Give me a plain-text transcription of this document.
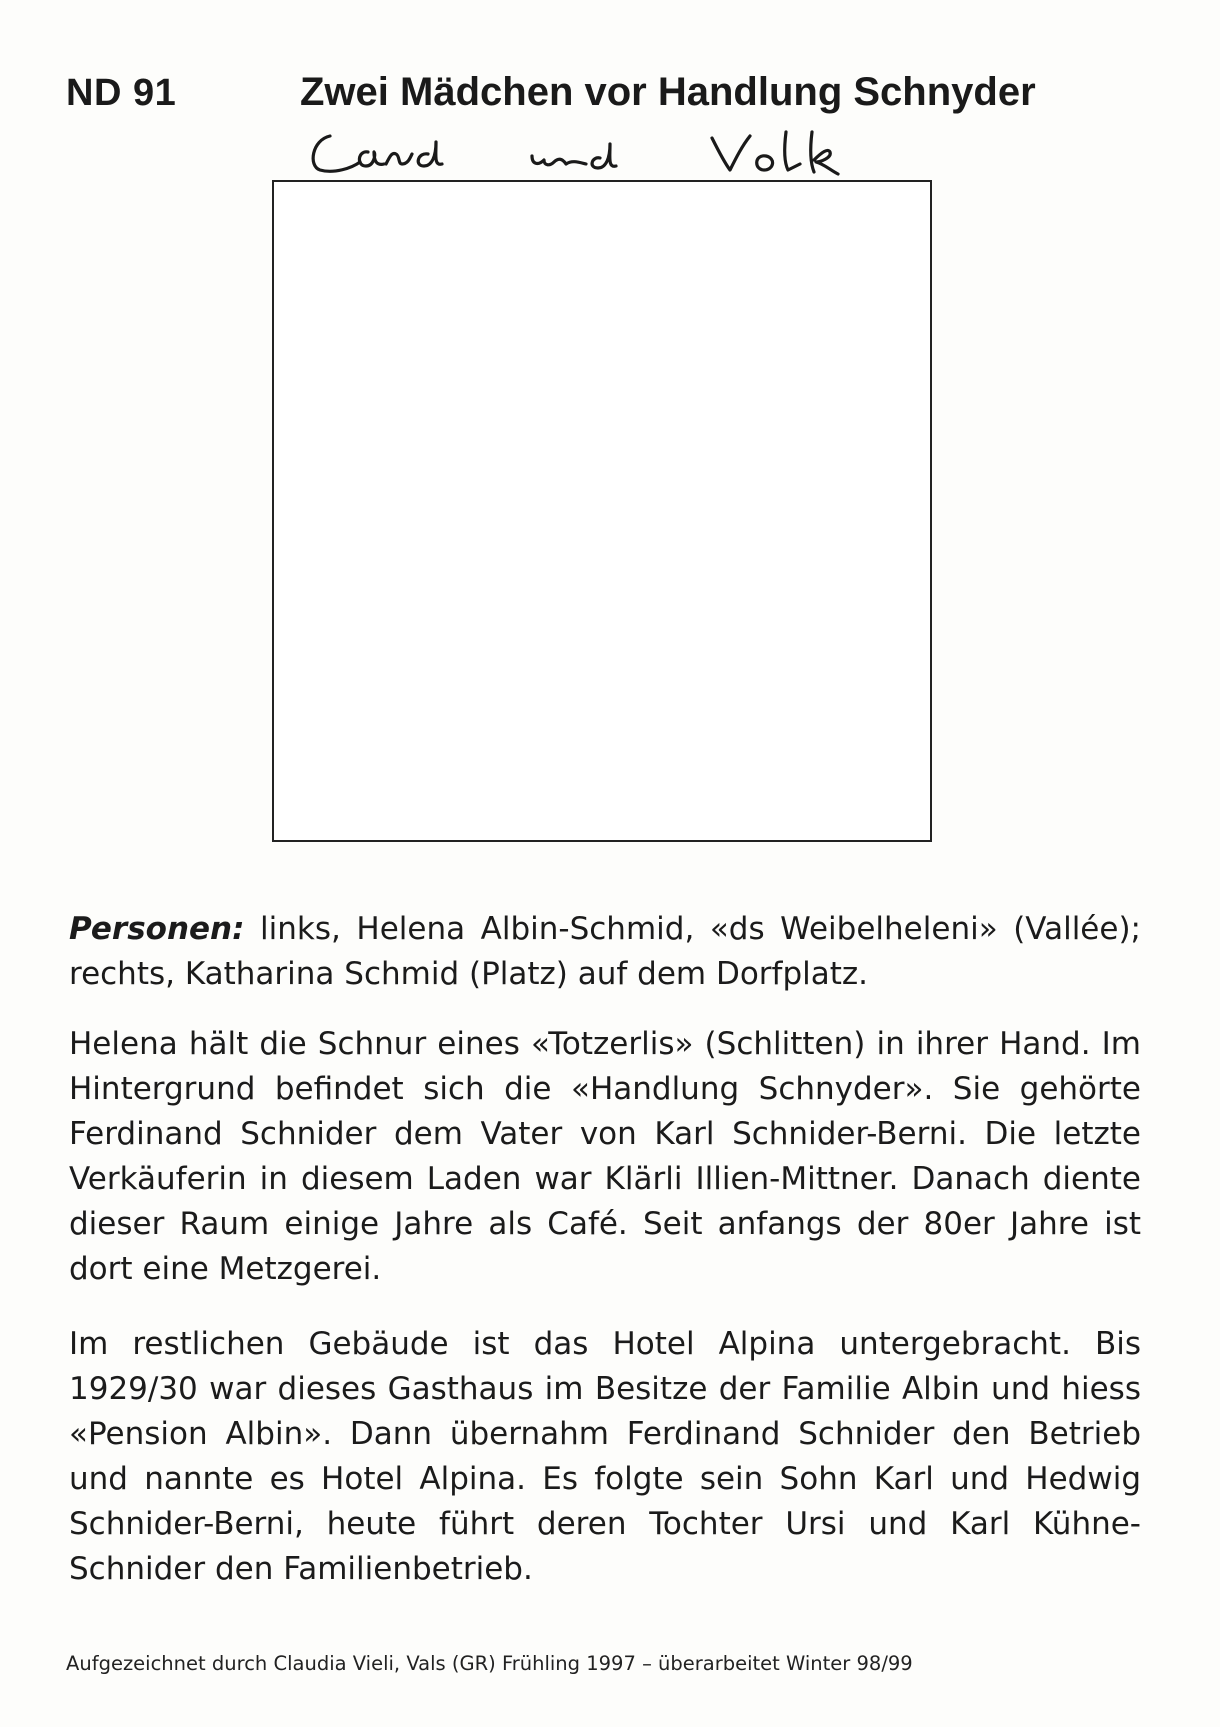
ND 91	Zwei Mädchen vor Handlung Schnyder

Personen: links, Helena Albin-Schmid, «ds Weibelheleni» (Vallée); rechts, Katharina Schmid (Platz) auf dem Dorfplatz.

Helena hält die Schnur eines «Totzerlis» (Schlitten) in ihrer Hand. Im Hintergrund befindet sich die «Handlung Schnyder». Sie gehörte Ferdinand Schnider dem Vater von Karl Schnider-Berni. Die letzte Verkäuferin in diesem Laden war Klärli Illien-Mittner. Danach diente dieser Raum einige Jahre als Café. Seit anfangs der 80er Jahre ist dort eine Metzgerei.

Im restlichen Gebäude ist das Hotel Alpina untergebracht. Bis 1929/30 war dieses Gasthaus im Besitze der Familie Albin und hiess «Pension Albin». Dann übernahm Ferdinand Schnider den Betrieb und nannte es Hotel Alpina. Es folgte sein Sohn Karl und Hedwig Schnider-Berni, heute führt deren Tochter Ursi und Karl Kühne-Schnider den Familienbetrieb.

Aufgezeichnet durch Claudia Vieli, Vals (GR) Frühling 1997 – überarbeitet Winter 98/99
